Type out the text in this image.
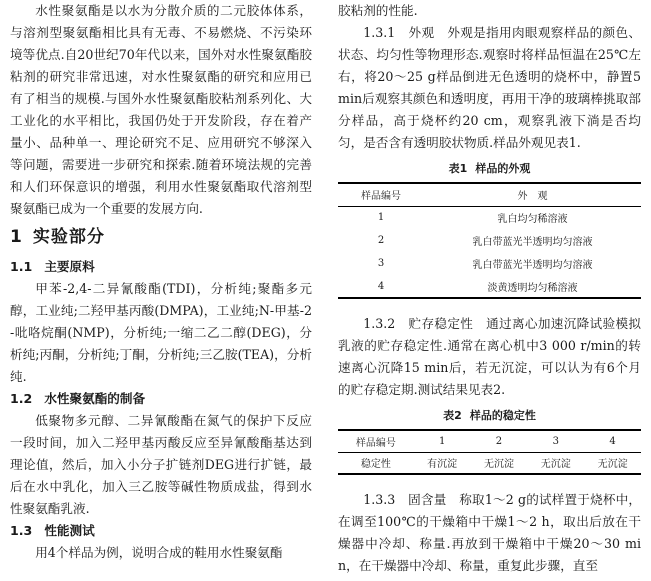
水性聚氨酯是以水为分散介质的二元胶体体系，与溶剂型聚氨酯相比具有无毒、不易燃烧、不污染环境等优点.自20世纪70年代以来，国外对水性聚氨酯胶粘剂的研究非常迅速，对水性聚氨酯的研究和应用已有了相当的规模.与国外水性聚氨酯胶粘剂系列化、大工业化的水平相比，我国仍处于开发阶段，存在着产量小、品种单一、理论研究不足、应用研究不够深入等问题，需要进一步研究和探索.随着环境法规的完善和人们环保意识的增强，利用水性聚氨酯取代溶剂型聚氨酯已成为一个重要的发展方向.

1 实验部分
1.1 主要原料

甲苯-2,4-二异氰酸酯(TDI)，分析纯;聚酯多元醇，工业纯;二羟甲基丙酸(DMPA)，工业纯;N-甲基-2-吡咯烷酮(NMP)，分析纯;一缩二乙二醇(DEG)，分析纯;丙酮，分析纯;丁酮，分析纯;三乙胺(TEA)，分析纯.

1.2 水性聚氨酯的制备

低聚物多元醇、二异氰酸酯在氮气的保护下反应一段时间，加入二羟甲基丙酸反应至异氰酸酯基达到理论值，然后，加入小分子扩链剂DEG进行扩链，最后在水中乳化，加入三乙胺等碱性物质成盐，得到水性聚氨酯乳液.

1.3 性能测试

用4个样品为例，说明合成的鞋用水性聚氨酯

胶粘剂的性能.

1.3.1　外观　外观是指用肉眼观察样品的颜色、状态、均匀性等物理形态.观察时将样品恒温在25℃左右，将20～25 g样品倒进无色透明的烧杯中，静置5 min后观察其颜色和透明度，再用干净的玻璃棒挑取部分样品，高于烧杯约20 cm，观察乳液下淌是否均匀，是否含有透明胶状物质.样品外观见表1.

表1 样品的外观
样品编号	外　观
1	乳白均匀稀溶液
2	乳白带蓝光半透明均匀溶液
3	乳白带蓝光半透明均匀溶液
4	淡黄透明均匀稀溶液

1.3.2　贮存稳定性　通过离心加速沉降试验模拟乳液的贮存稳定性.通常在离心机中3 000 r/min的转速离心沉降15 min后，若无沉淀，可以认为有6个月的贮存稳定期.测试结果见表2.

表2 样品的稳定性
样品编号	1	2	3	4
稳定性	有沉淀	无沉淀	无沉淀	无沉淀

1.3.3　固含量　称取1～2 g的试样置于烧杯中，在调至100℃的干燥箱中干燥1～2 h，取出后放在干燥器中冷却、称量.再放到干燥箱中干燥20～30 min，在干燥器中冷却、称量，重复此步骤，直至
